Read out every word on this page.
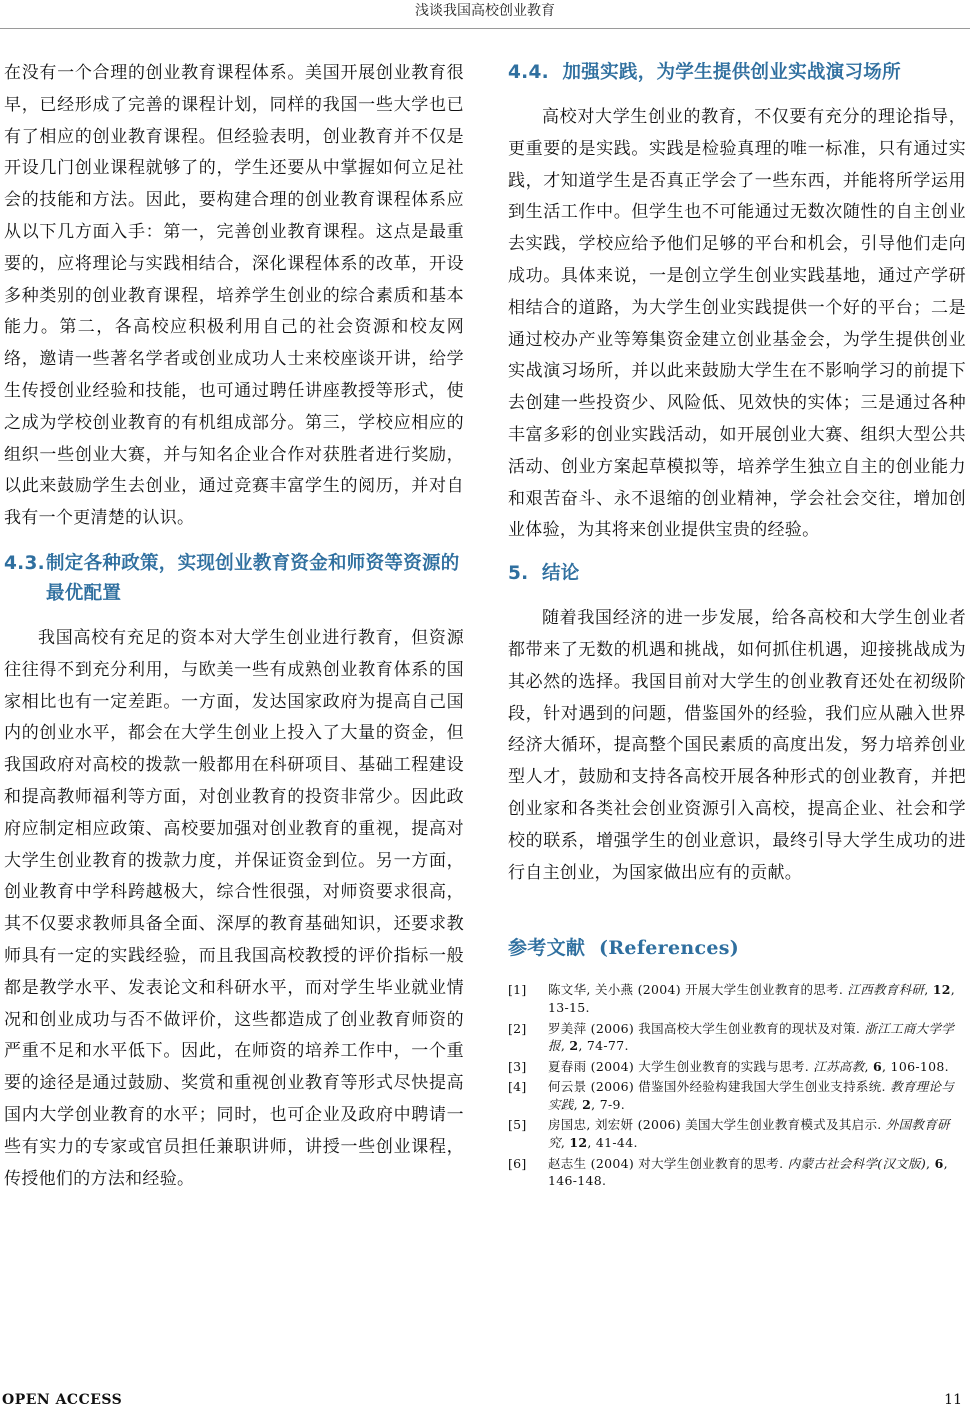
浅谈我国高校创业教育

在没有一个合理的创业教育课程体系。美国开展创业教育很早，已经形成了完善的课程计划，同样的我国一些大学也已有了相应的创业教育课程。但经验表明，创业教育并不仅是开设几门创业课程就够了的，学生还要从中掌握如何立足社会的技能和方法。因此，要构建合理的创业教育课程体系应从以下几方面入手：第一，完善创业教育课程。这点是最重要的，应将理论与实践相结合，深化课程体系的改革，开设多种类别的创业教育课程，培养学生创业的综合素质和基本能力。第二，各高校应积极利用自己的社会资源和校友网络，邀请一些著名学者或创业成功人士来校座谈开讲，给学生传授创业经验和技能，也可通过聘任讲座教授等形式，使之成为学校创业教育的有机组成部分。第三，学校应相应的组织一些创业大赛，并与知名企业合作对获胜者进行奖励，以此来鼓励学生去创业，通过竞赛丰富学生的阅历，并对自我有一个更清楚的认识。

4.3.制定各种政策，实现创业教育资金和师资等资源的最优配置

我国高校有充足的资本对大学生创业进行教育，但资源往往得不到充分利用，与欧美一些有成熟创业教育体系的国家相比也有一定差距。一方面，发达国家政府为提高自己国内的创业水平，都会在大学生创业上投入了大量的资金，但我国政府对高校的拨款一般都用在科研项目、基础工程建设和提高教师福利等方面，对创业教育的投资非常少。因此政府应制定相应政策、高校要加强对创业教育的重视，提高对大学生创业教育的拨款力度，并保证资金到位。另一方面，创业教育中学科跨越极大，综合性很强，对师资要求很高，其不仅要求教师具备全面、深厚的教育基础知识，还要求教师具有一定的实践经验，而且我国高校教授的评价指标一般都是教学水平、发表论文和科研水平，而对学生毕业就业情况和创业成功与否不做评价，这些都造成了创业教育师资的严重不足和水平低下。因此，在师资的培养工作中，一个重要的途径是通过鼓励、奖赏和重视创业教育等形式尽快提高国内大学创业教育的水平；同时，也可企业及政府中聘请一些有实力的专家或官员担任兼职讲师，讲授一些创业课程，传授他们的方法和经验。

4.4. 加强实践，为学生提供创业实战演习场所

高校对大学生创业的教育，不仅要有充分的理论指导，更重要的是实践。实践是检验真理的唯一标准，只有通过实践，才知道学生是否真正学会了一些东西，并能将所学运用到生活工作中。但学生也不可能通过无数次随性的自主创业去实践，学校应给予他们足够的平台和机会，引导他们走向成功。具体来说，一是创立学生创业实践基地，通过产学研相结合的道路，为大学生创业实践提供一个好的平台；二是通过校办产业等筹集资金建立创业基金会，为学生提供创业实战演习场所，并以此来鼓励大学生在不影响学习的前提下去创建一些投资少、风险低、见效快的实体；三是通过各种丰富多彩的创业实践活动，如开展创业大赛、组织大型公共活动、创业方案起草模拟等，培养学生独立自主的创业能力和艰苦奋斗、永不退缩的创业精神，学会社会交往，增加创业体验，为其将来创业提供宝贵的经验。

5. 结论

随着我国经济的进一步发展，给各高校和大学生创业者都带来了无数的机遇和挑战，如何抓住机遇，迎接挑战成为其必然的选择。我国目前对大学生的创业教育还处在初级阶段，针对遇到的问题，借鉴国外的经验，我们应从融入世界经济大循环，提高整个国民素质的高度出发，努力培养创业型人才，鼓励和支持各高校开展各种形式的创业教育，并把创业家和各类社会创业资源引入高校，提高企业、社会和学校的联系，增强学生的创业意识，最终引导大学生成功的进行自主创业，为国家做出应有的贡献。

参考文献 (References)
[1] 陈文华, 关小燕 (2004) 开展大学生创业教育的思考. 江西教育科研, 12, 13-15.
[2] 罗美萍 (2006) 我国高校大学生创业教育的现状及对策. 浙江工商大学学报, 2, 74-77.
[3] 夏春雨 (2004) 大学生创业教育的实践与思考. 江苏高教, 6, 106-108.
[4] 何云景 (2006) 借鉴国外经验构建我国大学生创业支持系统. 教育理论与实践, 2, 7-9.
[5] 房国忠, 刘宏妍 (2006) 美国大学生创业教育模式及其启示. 外国教育研究, 12, 41-44.
[6] 赵志生 (2004) 对大学生创业教育的思考. 内蒙古社会科学(汉文版), 6, 146-148.
OPEN ACCESS	11
